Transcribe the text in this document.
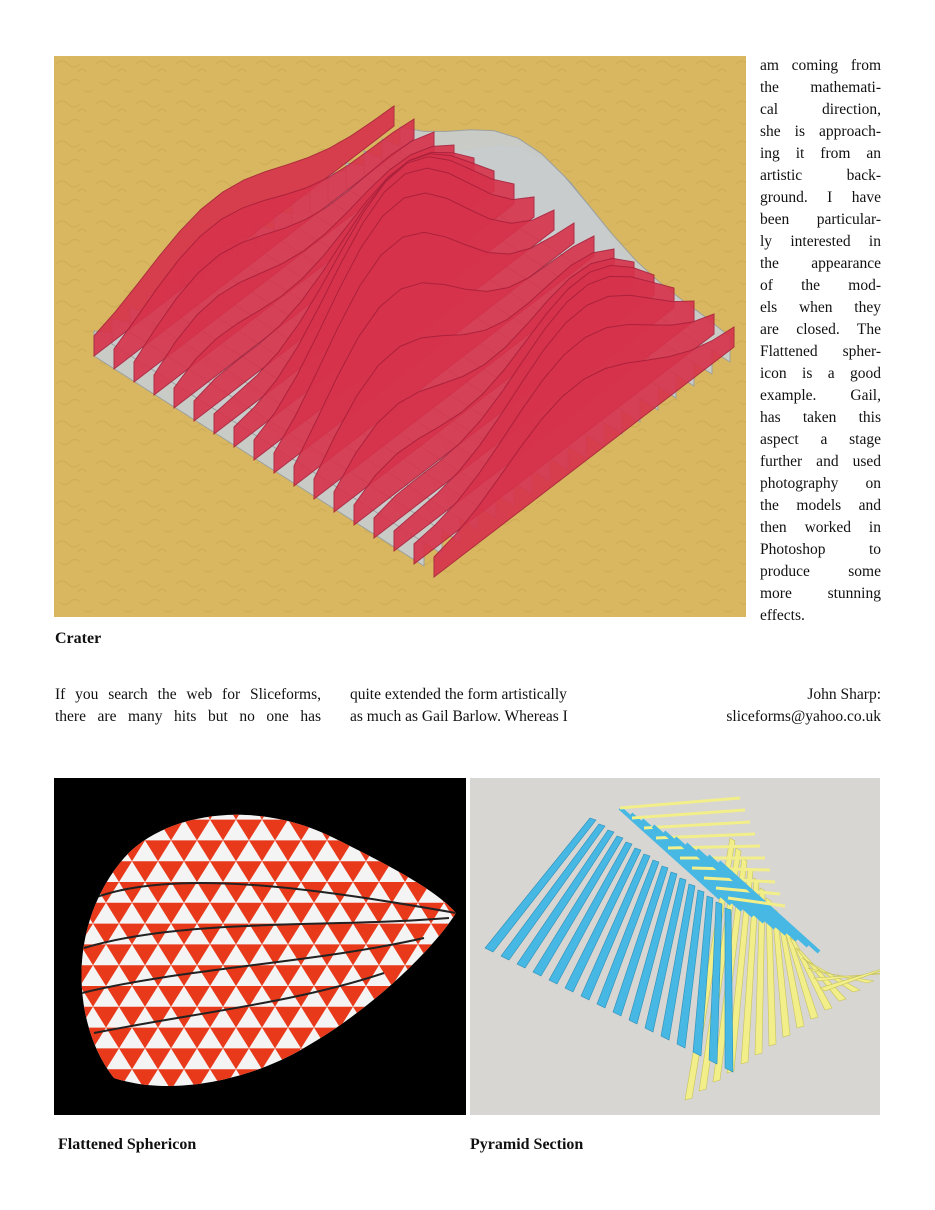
am coming from
the mathemati-
cal direction,
she is approach-
ing it from an
artistic back-
ground. I have
been particular-
ly interested in
the appearance
of the mod-
els when they
are closed. The
Flattened spher-
icon is a good
example. Gail,
has taken this
aspect a stage
further and used
photography on
the models and
then worked in
Photoshop to
produce some
more stunning
effects.
Crater
If you search the web for Sliceforms,
there are many hits but no one has
quite extended the form artistically
as much as Gail Barlow. Whereas I
John Sharp:
sliceforms@yahoo.co.uk
Flattened Sphericon	Pyramid Section
